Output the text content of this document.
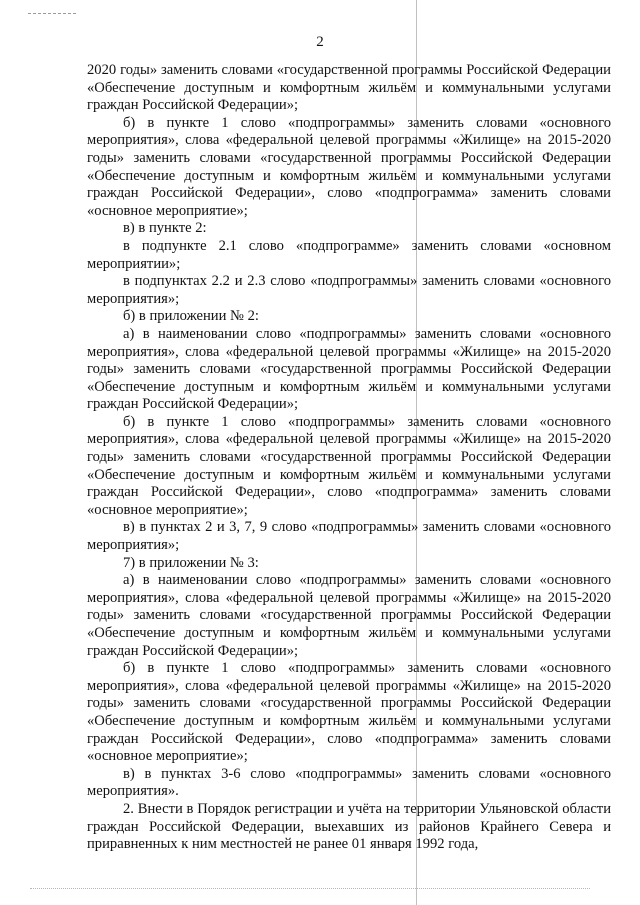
2

2020 годы» заменить словами «государственной программы Российской Федерации «Обеспечение доступным и комфортным жильём и коммунальными услугами граждан Российской Федерации»;

б) в пункте 1 слово «подпрограммы» заменить словами «основного мероприятия», слова «федеральной целевой программы «Жилище» на 2015-2020 годы» заменить словами «государственной программы Российской Федерации «Обеспечение доступным и комфортным жильём и коммунальными услугами граждан Российской Федерации», слово «подпрограмма» заменить словами «основное мероприятие»;

в) в пункте 2:

в подпункте 2.1 слово «подпрограмме» заменить словами «основном мероприятии»;

в подпунктах 2.2 и 2.3 слово «подпрограммы» заменить словами «основного мероприятия»;

б) в приложении № 2:

а) в наименовании слово «подпрограммы» заменить словами «основного мероприятия», слова «федеральной целевой программы «Жилище» на 2015-2020 годы» заменить словами «государственной программы Российской Федерации «Обеспечение доступным и комфортным жильём и коммунальными услугами граждан Российской Федерации»;

б) в пункте 1 слово «подпрограммы» заменить словами «основного мероприятия», слова «федеральной целевой программы «Жилище» на 2015-2020 годы» заменить словами «государственной программы Российской Федерации «Обеспечение доступным и комфортным жильём и коммунальными услугами граждан Российской Федерации», слово «подпрограмма» заменить словами «основное мероприятие»;

в) в пунктах 2 и 3, 7, 9 слово «подпрограммы» заменить словами «основного мероприятия»;

7) в приложении № 3:

а) в наименовании слово «подпрограммы» заменить словами «основного мероприятия», слова «федеральной целевой программы «Жилище» на 2015-2020 годы» заменить словами «государственной программы Российской Федерации «Обеспечение доступным и комфортным жильём и коммунальными услугами граждан Российской Федерации»;

б) в пункте 1 слово «подпрограммы» заменить словами «основного мероприятия», слова «федеральной целевой программы «Жилище» на 2015-2020 годы» заменить словами «государственной программы Российской Федерации «Обеспечение доступным и комфортным жильём и коммунальными услугами граждан Российской Федерации», слово «подпрограмма» заменить словами «основное мероприятие»;

в) в пунктах 3-6 слово «подпрограммы» заменить словами «основного мероприятия».

2. Внести в Порядок регистрации и учёта на территории Ульяновской области граждан Российской Федерации, выехавших из районов Крайнего Севера и приравненных к ним местностей не ранее 01 января 1992 года,
